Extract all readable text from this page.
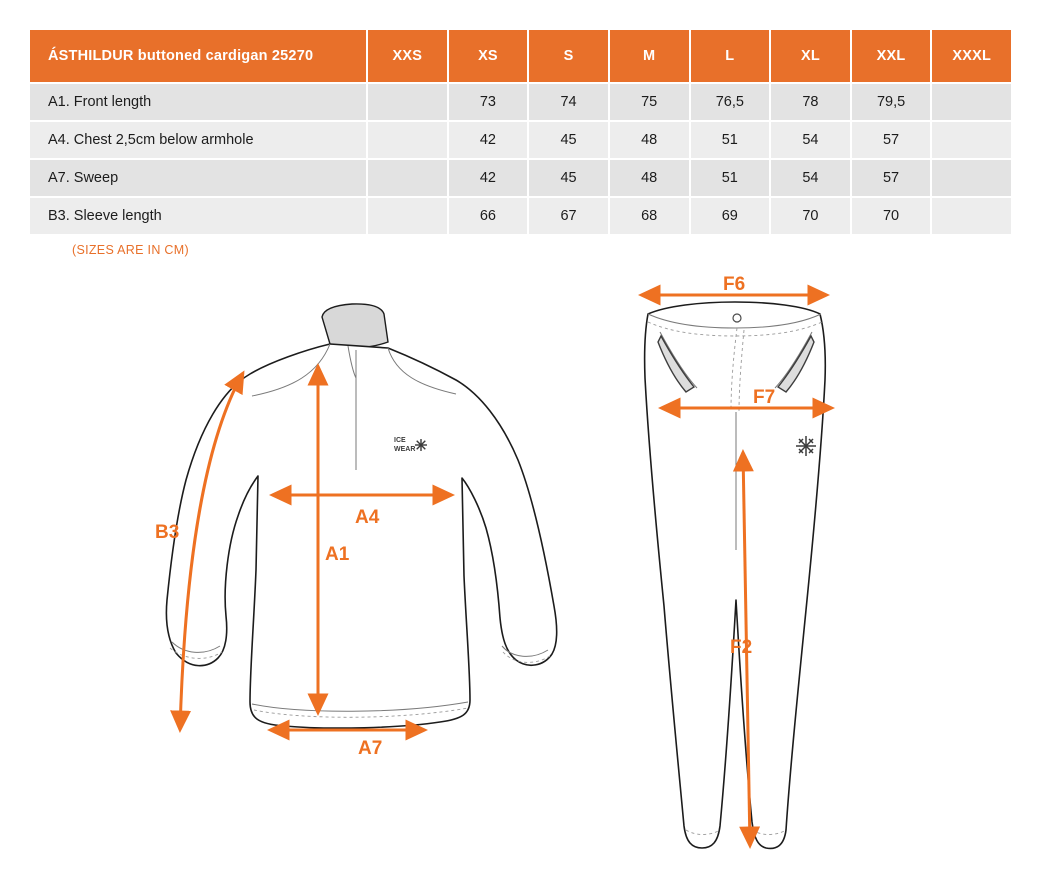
ÁSTHILDUR buttoned cardigan 25270	XXS	XS	S	M	L	XL	XXL	XXXL
A1. Front length		73	74	75	76,5	78	79,5	
A4. Chest 2,5cm below armhole		42	45	48	51	54	57	
A7. Sweep		42	45	48	51	54	57	
B3. Sleeve length		66	67	68	69	70	70	
(SIZES ARE IN CM)
ICE
WEAR
B3
A4
A1
A7
F6
F7
F2
